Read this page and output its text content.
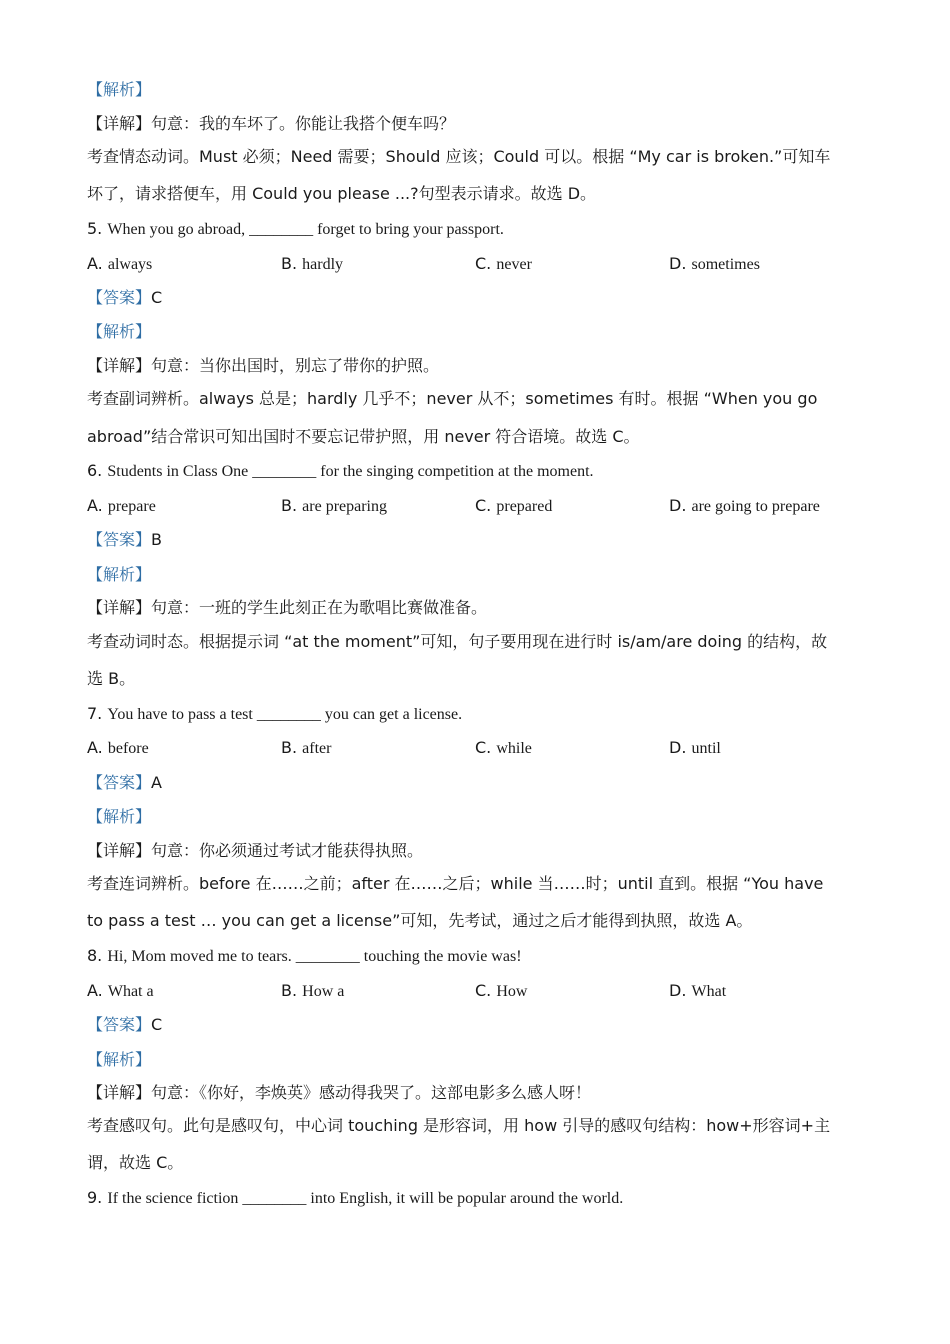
【解析】
【详解】句意：我的车坏了。你能让我搭个便车吗？
考查情态动词。Must 必须；Need 需要；Should 应该；Could 可以。根据 “My car is broken.”可知车
坏了，请求搭便车，用 Could you please ...?句型表示请求。故选 D。
5. When you go abroad, ________ forget to bring your passport.
A. always	B. hardly	C. never	D. sometimes
【答案】C
【解析】
【详解】句意：当你出国时，别忘了带你的护照。
考查副词辨析。always 总是；hardly 几乎不；never 从不；sometimes 有时。根据 “When you go
abroad”结合常识可知出国时不要忘记带护照，用 never 符合语境。故选 C。
6. Students in Class One ________ for the singing competition at the moment.
A. prepare	B. are preparing	C. prepared	D. are going to prepare
【答案】B
【解析】
【详解】句意：一班的学生此刻正在为歌唱比赛做准备。
考查动词时态。根据提示词 “at the moment”可知，句子要用现在进行时 is/am/are doing 的结构，故
选 B。
7. You have to pass a test ________ you can get a license.
A. before	B. after	C. while	D. until
【答案】A
【解析】
【详解】句意：你必须通过考试才能获得执照。
考查连词辨析。before 在……之前；after 在……之后；while 当……时；until 直到。根据 “You have
to pass a test … you can get a license”可知，先考试，通过之后才能得到执照，故选 A。
8. Hi, Mom moved me to tears. ________ touching the movie was!
A. What a	B. How a	C. How	D. What
【答案】C
【解析】
【详解】句意：《你好，李焕英》感动得我哭了。这部电影多么感人呀！
考查感叹句。此句是感叹句，中心词 touching 是形容词，用 how 引导的感叹句结构：how+形容词+主
谓，故选 C。
9. If the science fiction ________ into English, it will be popular around the world.
